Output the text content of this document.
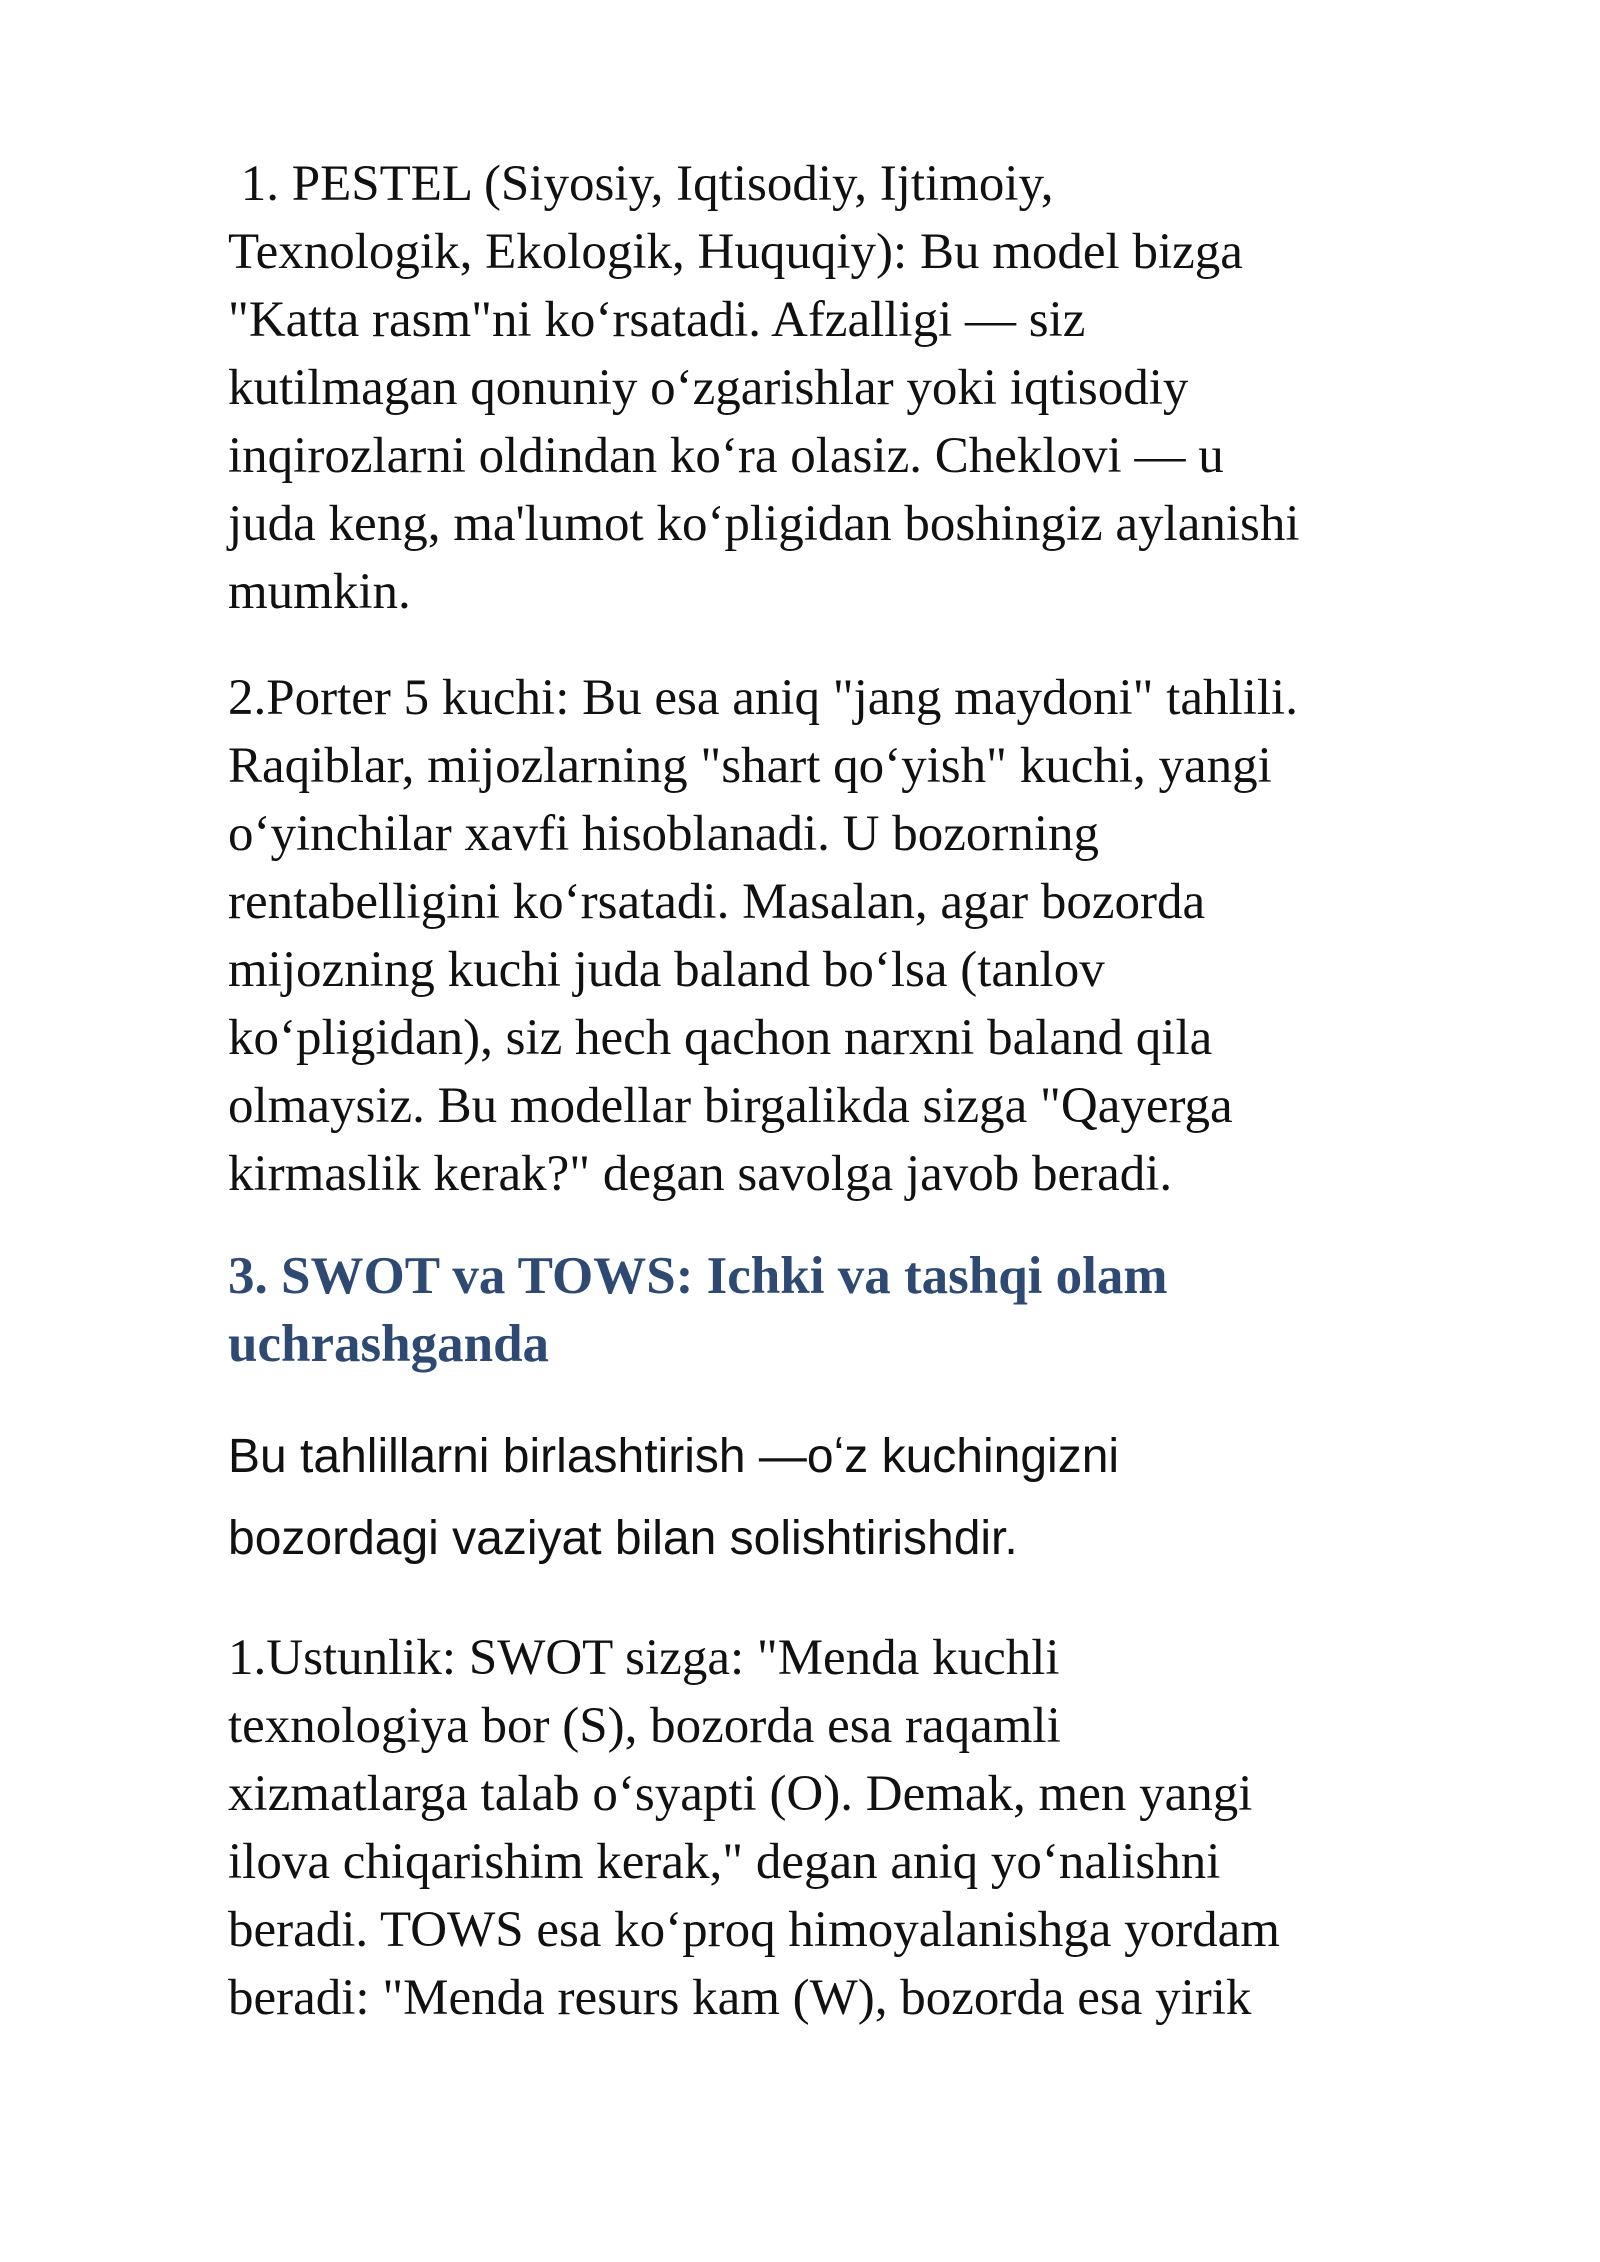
1. PESTEL (Siyosiy, Iqtisodiy, Ijtimoiy,
Texnologik, Ekologik, Huquqiy): Bu model bizga
"Katta rasm"ni koʻrsatadi. Afzalligi — siz
kutilmagan qonuniy oʻzgarishlar yoki iqtisodiy
inqirozlarni oldindan koʻra olasiz. Cheklovi — u
juda keng, ma'lumot koʻpligidan boshingiz aylanishi
mumkin.

2.Porter 5 kuchi: Bu esa aniq "jang maydoni" tahlili.
Raqiblar, mijozlarning "shart qoʻyish" kuchi, yangi
oʻyinchilar xavfi hisoblanadi. U bozorning
rentabelligini koʻrsatadi. Masalan, agar bozorda
mijozning kuchi juda baland boʻlsa (tanlov
koʻpligidan), siz hech qachon narxni baland qila
olmaysiz. Bu modellar birgalikda sizga "Qayerga
kirmaslik kerak?" degan savolga javob beradi.

3. SWOT va TOWS: Ichki va tashqi olam
uchrashganda

Bu tahlillarni birlashtirish —oʻz kuchingizni
bozordagi vaziyat bilan solishtirishdir.

1.Ustunlik: SWOT sizga: "Menda kuchli
texnologiya bor (S), bozorda esa raqamli
xizmatlarga talab oʻsyapti (O). Demak, men yangi
ilova chiqarishim kerak," degan aniq yoʻnalishni
beradi. TOWS esa koʻproq himoyalanishga yordam
beradi: "Menda resurs kam (W), bozorda esa yirik
